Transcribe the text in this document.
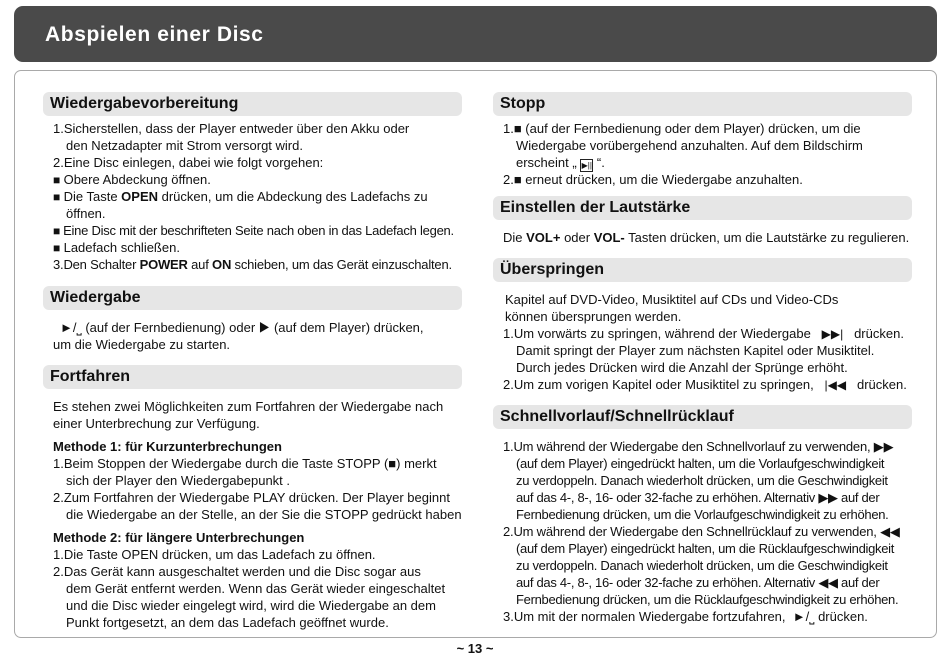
Abspielen einer Disc
Wiedergabevorbereitung
1.Sicherstellen, dass der Player entweder über den Akku oder
den Netzadapter mit Strom versorgt wird.
2.Eine Disc einlegen, dabei wie folgt vorgehen:
■ Obere Abdeckung öffnen.
■ Die Taste OPEN drücken, um die Abdeckung des Ladefachs zu
öffnen.
■ Eine Disc mit der beschrifteten Seite nach oben in das Ladefach legen.
■ Ladefach schließen.
3.Den Schalter POWER auf ON schieben, um das Gerät einzuschalten.
Wiedergabe
►/⎵ (auf der Fernbedienung) oder ▶ (auf dem Player) drücken,
um die Wiedergabe zu starten.
Fortfahren
Es stehen zwei Möglichkeiten zum Fortfahren der Wiedergabe nach
einer Unterbrechung zur Verfügung.
Methode 1: für Kurzunterbrechungen
1.Beim Stoppen der Wiedergabe durch die Taste STOPP (■) merkt
sich der Player den Wiedergabepunkt .
2.Zum Fortfahren der Wiedergabe PLAY drücken. Der Player beginnt
die Wiedergabe an der Stelle, an der Sie die STOPP gedrückt haben
Methode 2: für längere Unterbrechungen
1.Die Taste OPEN drücken, um das Ladefach zu öffnen.
2.Das Gerät kann ausgeschaltet werden und die Disc sogar aus
dem Gerät entfernt werden. Wenn das Gerät wieder eingeschaltet
und die Disc wieder eingelegt wird, wird die Wiedergabe an dem
Punkt fortgesetzt, an dem das Ladefach geöffnet wurde.
Stopp
1.■ (auf der Fernbedienung oder dem Player) drücken, um die
Wiedergabe vorübergehend anzuhalten. Auf dem Bildschirm
erscheint „ ▶|| “.
2.■ erneut drücken, um die Wiedergabe anzuhalten.
Einstellen der Lautstärke
Die VOL+ oder VOL- Tasten drücken, um die Lautstärke zu regulieren.
Überspringen
Kapitel auf DVD-Video, Musiktitel auf CDs und Video-CDs
können übersprungen werden.
1.Um vorwärts zu springen, während der Wiedergabe ▶▶| drücken.
Damit springt der Player zum nächsten Kapitel oder Musiktitel.
Durch jedes Drücken wird die Anzahl der Sprünge erhöht.
2.Um zum vorigen Kapitel oder Musiktitel zu springen, |◀◀ drücken.
Schnellvorlauf/Schnellrücklauf
1.Um während der Wiedergabe den Schnellvorlauf zu verwenden, ▶▶
(auf dem Player) eingedrückt halten, um die Vorlaufgeschwindigkeit
zu verdoppeln. Danach wiederholt drücken, um die Geschwindigkeit
auf das 4-, 8-, 16- oder 32-fache zu erhöhen. Alternativ ▶▶ auf der
Fernbedienung drücken, um die Vorlaufgeschwindigkeit zu erhöhen.
2.Um während der Wiedergabe den Schnellrücklauf zu verwenden, ◀◀
(auf dem Player) eingedrückt halten, um die Rücklaufgeschwindigkeit
zu verdoppeln. Danach wiederholt drücken, um die Geschwindigkeit
auf das 4-, 8-, 16- oder 32-fache zu erhöhen. Alternativ ◀◀ auf der
Fernbedienung drücken, um die Rücklaufgeschwindigkeit zu erhöhen.
3.Um mit der normalen Wiedergabe fortzufahren, ►/⎵ drücken.
~ 13 ~
